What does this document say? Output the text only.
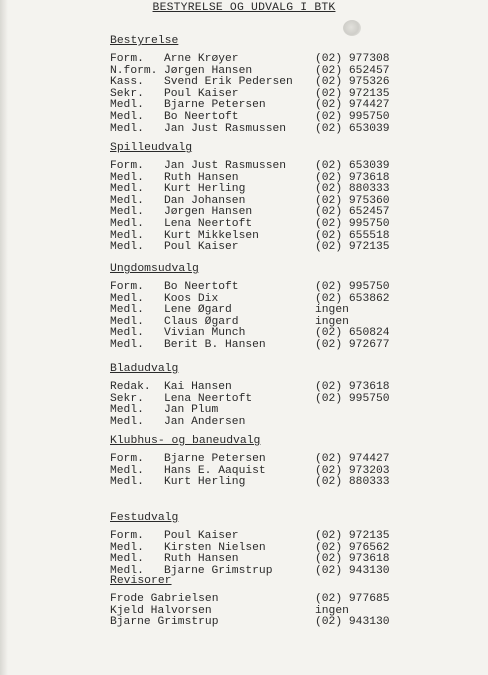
BESTYRELSE OG UDVALG I BTK
Bestyrelse
Form. Arne Krøyer	(02) 977308
N.form. Jørgen Hansen	(02) 652457
Kass. Svend Erik Pedersen (02) 975326
Sekr. Poul Kaiser	(02) 972135
Medl. Bjarne Petersen	(02) 974427
Medl. Bo Neertoft	(02) 995750
Medl. Jan Just Rasmussen	(02) 653039
Spilleudvalg
Form. Jan Just Rasmussen	(02) 653039
Medl. Ruth Hansen	(02) 973618
Medl. Kurt Herling	(02) 880333
Medl. Dan Johansen	(02) 975360
Medl. Jørgen Hansen	(02) 652457
Medl. Lena Neertoft	(02) 995750
Medl. Kurt Mikkelsen	(02) 655518
Medl. Poul Kaiser	(02) 972135
Ungdomsudvalg
Form. Bo Neertoft	(02) 995750
Medl. Koos Dix	(02) 653862
Medl. Lene Øgard	ingen
Medl. Claus Øgard	ingen
Medl. Vivian Munch	(02) 650824
Medl. Berit B. Hansen	(02) 972677
Bladudvalg
Redak. Kai Hansen	(02) 973618
Sekr. Lena Neertoft	(02) 995750
Medl. Jan Plum
Medl. Jan Andersen
Klubhus- og baneudvalg
Form. Bjarne Petersen	(02) 974427
Medl. Hans E. Aaquist	(02) 973203
Medl. Kurt Herling	(02) 880333
Festudvalg
Form. Poul Kaiser	(02) 972135
Medl. Kirsten Nielsen	(02) 976562
Medl. Ruth Hansen	(02) 973618
Medl. Bjarne Grimstrup	(02) 943130
Revisorer
Frode Gabrielsen	(02) 977685
Kjeld Halvorsen	ingen
Bjarne Grimstrup	(02) 943130
